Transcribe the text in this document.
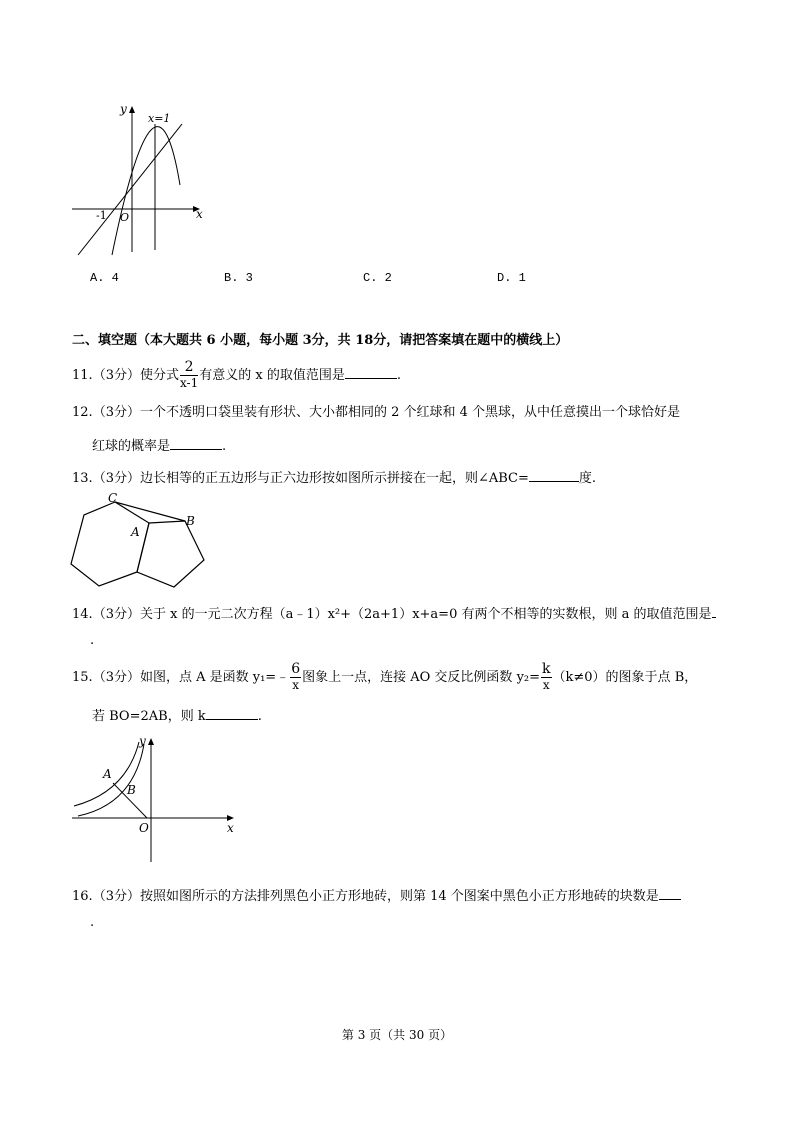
y
x
x=1
-1 O
A. 4	B. 3	C. 2	D. 1
二、填空题（本大题共 6 小题，每小题 3分，共 18分，请把答案填在题中的横线上）
11.（3分）使分式 $\frac{2}{x-1}$ 有意义的 x 的取值范围是	.
12.（3分）一个不透明口袋里装有形状、大小都相同的 2 个红球和 4 个黑球，从中任意摸出一个球恰好是
红球的概率是	.
13.（3分）边长相等的正五边形与正六边形按如图所示拼接在一起，则∠ABC=	度.
C
A
B
14.（3分）关于 x 的一元二次方程（a﹣1）x²+（2a+1）x+a=0 有两个不相等的实数根，则 a 的取值范围是
.
15.（3分）如图，点 A 是函数 y₁=﹣ $\frac{6}{x}$ 图象上一点，连接 AO 交反比例函数 $y_2= \frac{k}{x} (k\ne 0)$的图象于点 B，
若 BO=2AB，则 k	.
y
x
A
B
O
16.（3分）按照如图所示的方法排列黑色小正方形地砖，则第 14 个图案中黑色小正方形地砖的块数是
.
第 3 页（共 30 页）
